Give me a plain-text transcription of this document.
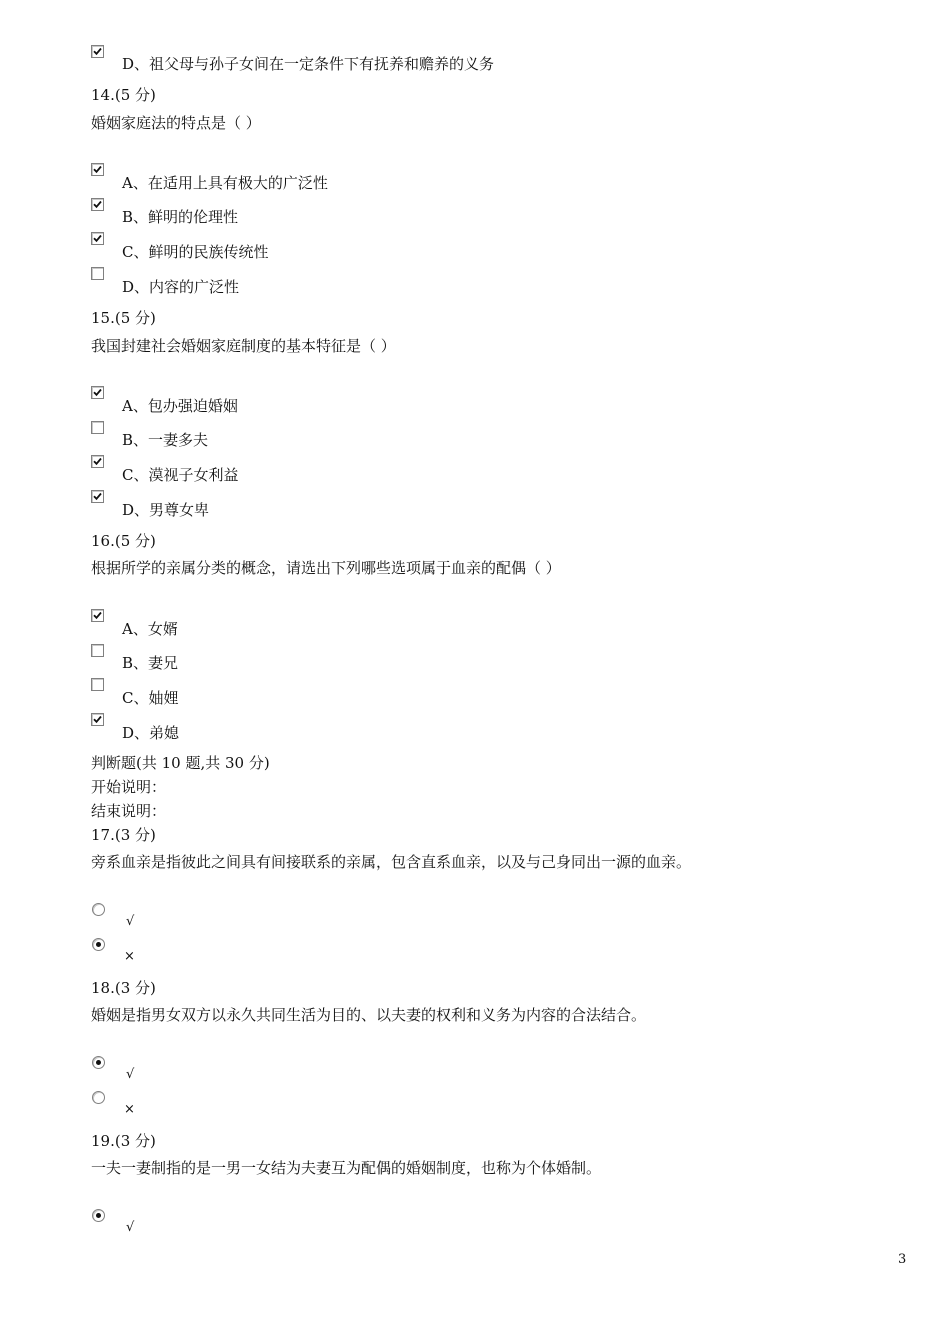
D、祖父母与孙子女间在一定条件下有抚养和赡养的义务
14.(5 分)
婚姻家庭法的特点是（ ）
A、在适用上具有极大的广泛性
B、鲜明的伦理性
C、鲜明的民族传统性
D、内容的广泛性
15.(5 分)
我国封建社会婚姻家庭制度的基本特征是（ ）
A、包办强迫婚姻
B、一妻多夫
C、漠视子女利益
D、男尊女卑
16.(5 分)
根据所学的亲属分类的概念，请选出下列哪些选项属于血亲的配偶（ ）
A、女婿
B、妻兄
C、妯娌
D、弟媳
判断题(共 10 题,共 30 分)
开始说明：
结束说明：
17.(3 分)
旁系血亲是指彼此之间具有间接联系的亲属，包含直系血亲，以及与己身同出一源的血亲。
√
×
18.(3 分)
婚姻是指男女双方以永久共同生活为目的、以夫妻的权利和义务为内容的合法结合。
√
×
19.(3 分)
一夫一妻制指的是一男一女结为夫妻互为配偶的婚姻制度，也称为个体婚制。
√
3
